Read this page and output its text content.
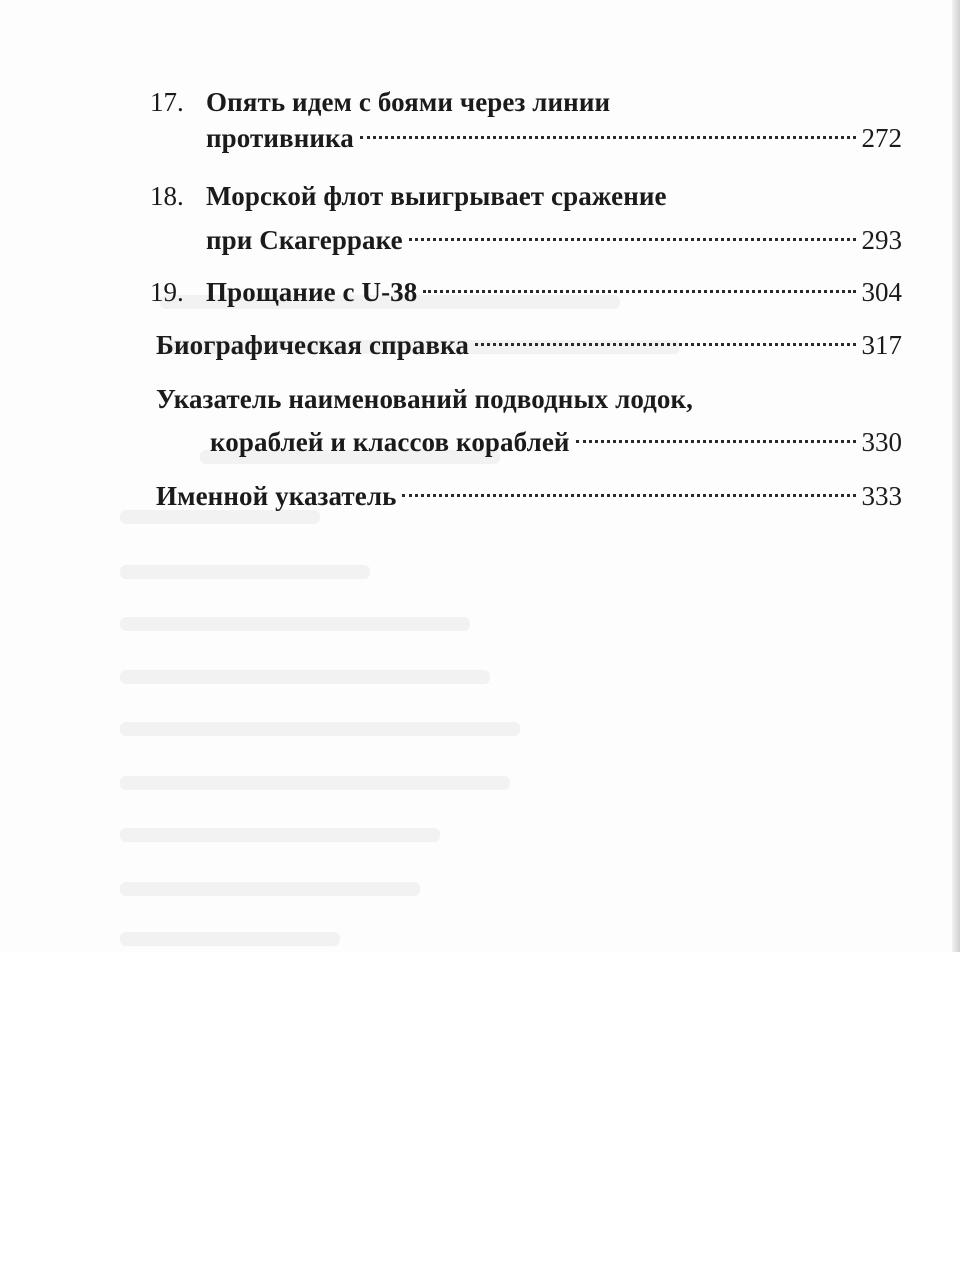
17. Опять идем с боями через линии
противника	272
18. Морской флот выигрывает сражение
при Скагерраке	293
19. Прощание с U-38	304
Биографическая справка	317
Указатель наименований подводных лодок,
кораблей и классов кораблей	330
Именной указатель	333
